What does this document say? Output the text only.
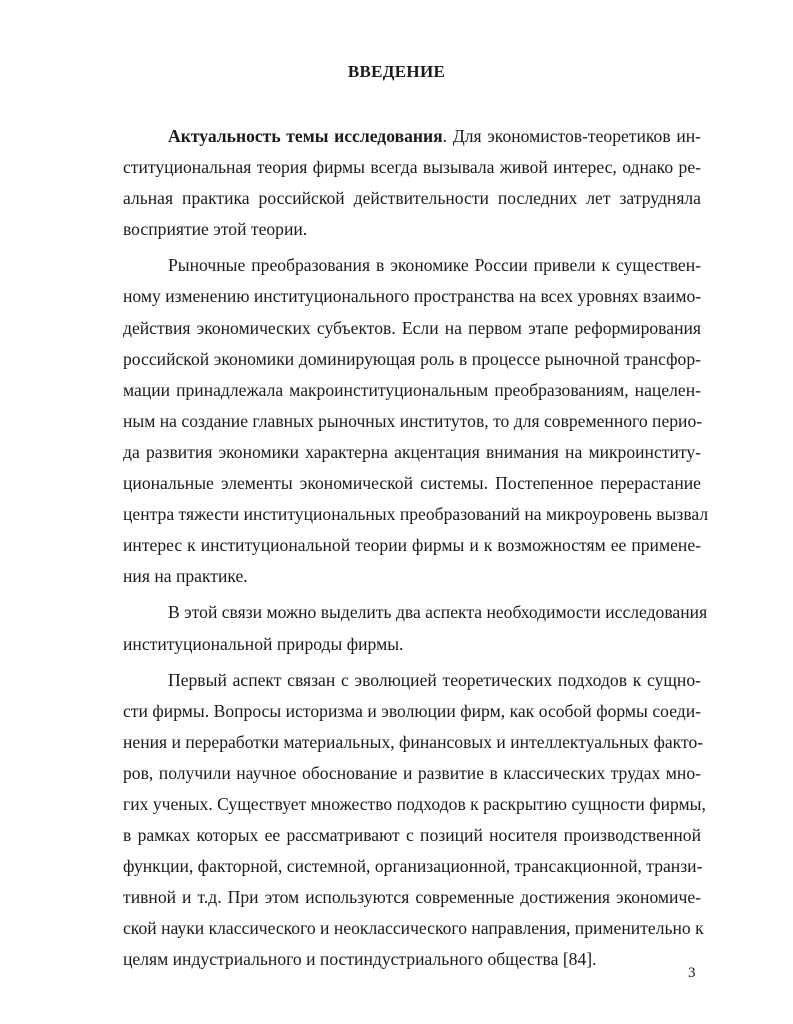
ВВЕДЕНИЕ

Актуальность темы исследования. Для экономистов-теоретиков ин-
ституциональная теория фирмы всегда вызывала живой интерес, однако ре-
альная практика российской действительности последних лет затрудняла
восприятие этой теории.

Рыночные преобразования в экономике России привели к существен-
ному изменению институционального пространства на всех уровнях взаимо-
действия экономических субъектов. Если на первом этапе реформирования
российской экономики доминирующая роль в процессе рыночной трансфор-
мации принадлежала макроинституциональным преобразованиям, нацелен-
ным на создание главных рыночных институтов, то для современного перио-
да развития экономики характерна акцентация внимания на микроинститу-
циональные элементы экономической системы. Постепенное перерастание
центра тяжести институциональных преобразований на микроуровень вызвал
интерес к институциональной теории фирмы и к возможностям ее примене-
ния на практике.

В этой связи можно выделить два аспекта необходимости исследования
институциональной природы фирмы.

Первый аспект связан с эволюцией теоретических подходов к сущно-
сти фирмы. Вопросы историзма и эволюции фирм, как особой формы соеди-
нения и переработки материальных, финансовых и интеллектуальных факто-
ров, получили научное обоснование и развитие в классических трудах мно-
гих ученых. Существует множество подходов к раскрытию сущности фирмы,
в рамках которых ее рассматривают с позиций носителя производственной
функции, факторной, системной, организационной, трансакционной, транзи-
тивной и т.д. При этом используются современные достижения экономиче-
ской науки классического и неоклассического направления, применительно к
целям индустриального и постиндустриального общества [84].

3
